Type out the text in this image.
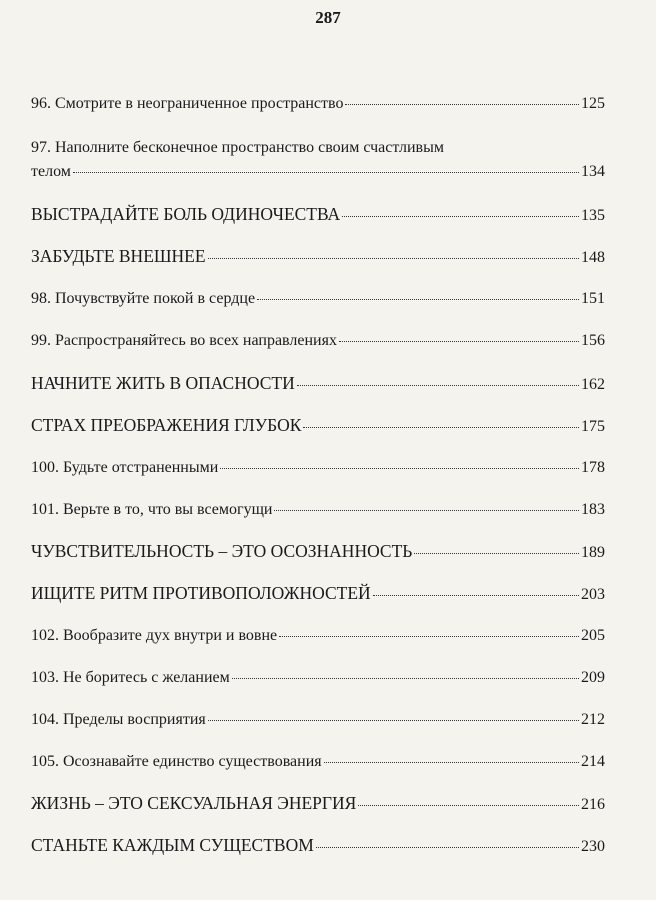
287
96. Смотрите в неограниченное пространство	125
97. Наполните бесконечное пространство своим счастливым
телом	134
ВЫСТРАДАЙТЕ БОЛЬ ОДИНОЧЕСТВА	135
ЗАБУДЬТЕ ВНЕШНЕЕ	148
98. Почувствуйте покой в сердце	151
99. Распространяйтесь во всех направлениях	156
НАЧНИТЕ ЖИТЬ В ОПАСНОСТИ	162
СТРАХ ПРЕОБРАЖЕНИЯ ГЛУБОК	175
100. Будьте отстраненными	178
101. Верьте в то, что вы всемогущи	183
ЧУВСТВИТЕЛЬНОСТЬ – ЭТО ОСОЗНАННОСТЬ	189
ИЩИТЕ РИТМ ПРОТИВОПОЛОЖНОСТЕЙ	203
102. Вообразите дух внутри и вовне	205
103. Не боритесь с желанием	209
104. Пределы восприятия	212
105. Осознавайте единство существования	214
ЖИЗНЬ – ЭТО СЕКСУАЛЬНАЯ ЭНЕРГИЯ	216
СТАНЬТЕ КАЖДЫМ СУЩЕСТВОМ	230
